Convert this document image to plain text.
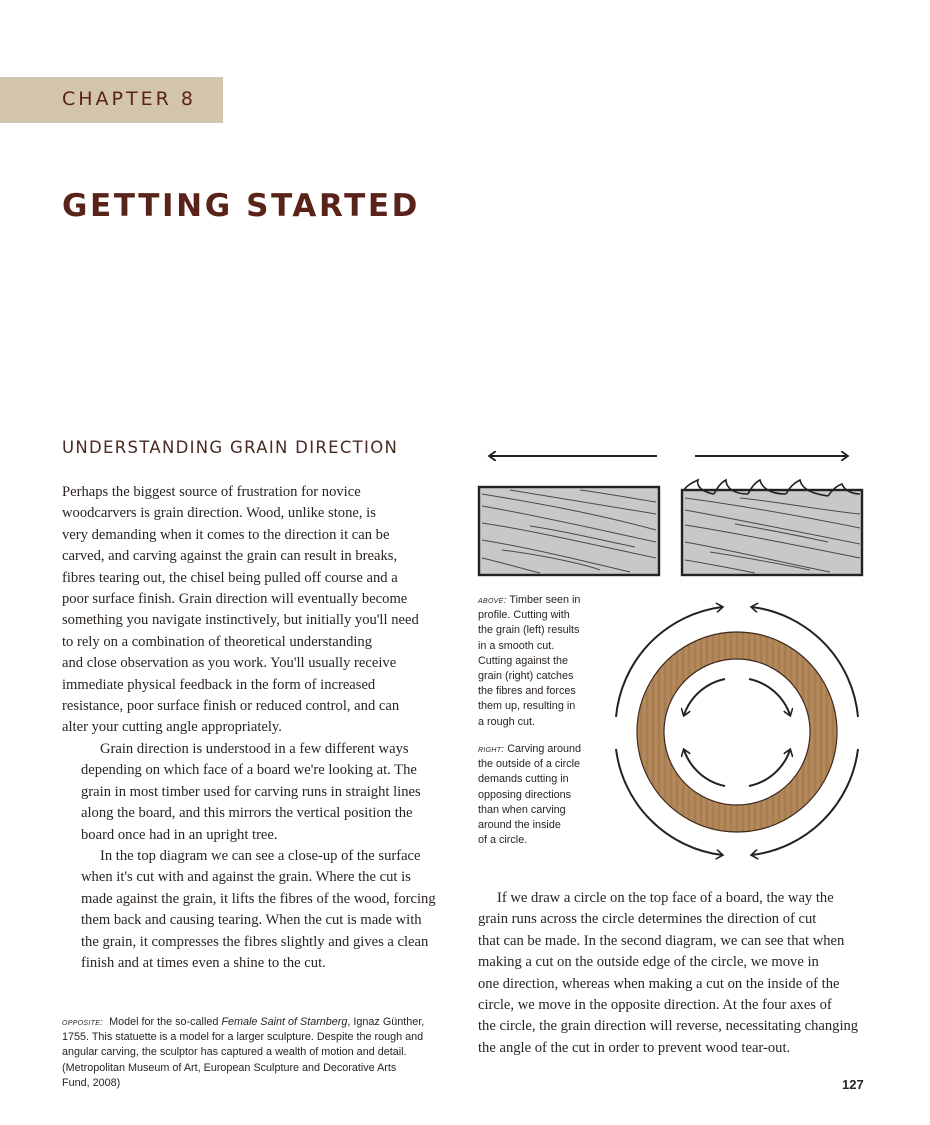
CHAPTER 8
GETTING STARTED
UNDERSTANDING GRAIN DIRECTION

Perhaps the biggest source of frustration for novice
woodcarvers is grain direction. Wood, unlike stone, is
very demanding when it comes to the direction it can be
carved, and carving against the grain can result in breaks,
fibres tearing out, the chisel being pulled off course and a
poor surface finish. Grain direction will eventually become
something you navigate instinctively, but initially you'll need
to rely on a combination of theoretical understanding
and close observation as you work. You'll usually receive
immediate physical feedback in the form of increased
resistance, poor surface finish or reduced control, and can
alter your cutting angle appropriately.

Grain direction is understood in a few different ways
depending on which face of a board we're looking at. The
grain in most timber used for carving runs in straight lines
along the board, and this mirrors the vertical position the
board once had in an upright tree.

In the top diagram we can see a close-up of the surface
when it's cut with and against the grain. Where the cut is
made against the grain, it lifts the fibres of the wood, forcing
them back and causing tearing. When the cut is made with
the grain, it compresses the fibres slightly and gives a clean
finish and at times even a shine to the cut.

If we draw a circle on the top face of a board, the way the
grain runs across the circle determines the direction of cut
that can be made. In the second diagram, we can see that when
making a cut on the outside edge of the circle, we move in
one direction, whereas when making a cut on the inside of the
circle, we move in the opposite direction. At the four axes of
the circle, the grain direction will reverse, necessitating changing
the angle of the cut in order to prevent wood tear-out.

above: Timber seen in
profile. Cutting with
the grain (left) results
in a smooth cut.
Cutting against the
grain (right) catches
the fibres and forces
them up, resulting in
a rough cut.
right: Carving around
the outside of a circle
demands cutting in
opposing directions
than when carving
around the inside
of a circle.
opposite: Model for the so-called Female Saint of Starnberg, Ignaz Günther,
1755. This statuette is a model for a larger sculpture. Despite the rough and
angular carving, the sculptor has captured a wealth of motion and detail.
(Metropolitan Museum of Art, European Sculpture and Decorative Arts
Fund, 2008)	127
